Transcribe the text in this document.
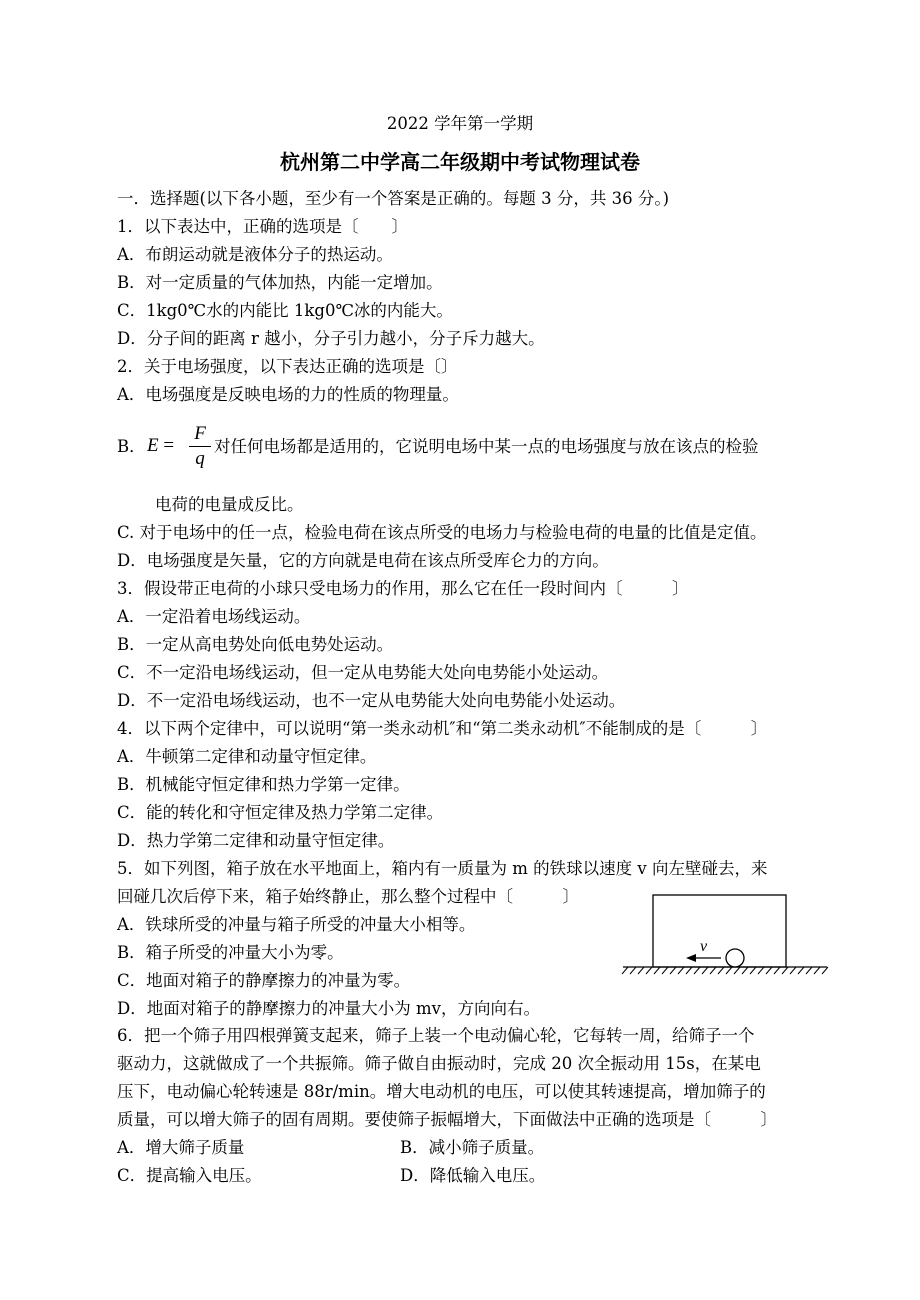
2022 学年第一学期
杭州第二中学高二年级期中考试物理试卷
一．选择题(以下各小题，至少有一个答案是正确的。每题 3 分，共 36 分。)
1．以下表达中，正确的选项是〔　　〕
A．布朗运动就是液体分子的热运动。
B．对一定质量的气体加热，内能一定增加。
C．1kg0℃水的内能比 1kg0℃冰的内能大。
D．分子间的距离 r 越小，分子引力越小，分子斥力越大。
2．关于电场强度，以下表达正确的选项是〔〕
A．电场强度是反映电场的力的性质的物理量。
B． E =
F
q
对任何电场都是适用的，它说明电场中某一点的电场强度与放在该点的检验
电荷的电量成反比。
C. 对于电场中的任一点，检验电荷在该点所受的电场力与检验电荷的电量的比值是定值。
D．电场强度是矢量，它的方向就是电荷在该点所受库仑力的方向。
3．假设带正电荷的小球只受电场力的作用，那么它在任一段时间内〔　　　〕
A．一定沿着电场线运动。
B．一定从高电势处向低电势处运动。
C．不一定沿电场线运动，但一定从电势能大处向电势能小处运动。
D．不一定沿电场线运动，也不一定从电势能大处向电势能小处运动。
4．以下两个定律中，可以说明“第一类永动机″和“第二类永动机″不能制成的是〔　　　〕
A．牛顿第二定律和动量守恒定律。
B．机械能守恒定律和热力学第一定律。
C．能的转化和守恒定律及热力学第二定律。
D．热力学第二定律和动量守恒定律。
5．如下列图，箱子放在水平地面上，箱内有一质量为 m 的铁球以速度 v 向左壁碰去，来
回碰几次后停下来，箱子始终静止，那么整个过程中〔　　　〕
A．铁球所受的冲量与箱子所受的冲量大小相等。
B．箱子所受的冲量大小为零。
C．地面对箱子的静摩擦力的冲量为零。
D．地面对箱子的静摩擦力的冲量大小为 mv，方向向右。
v
6．把一个筛子用四根弹簧支起来，筛子上装一个电动偏心轮，它每转一周，给筛子一个
驱动力，这就做成了一个共振筛。筛子做自由振动时，完成 20 次全振动用 15s，在某电
压下，电动偏心轮转速是 88r/min。增大电动机的电压，可以使其转速提高，增加筛子的
质量，可以增大筛子的固有周期。要使筛子振幅增大，下面做法中正确的选项是〔　　　〕
A．增大筛子质量	B．减小筛子质量。
C．提高输入电压。	D．降低输入电压。
